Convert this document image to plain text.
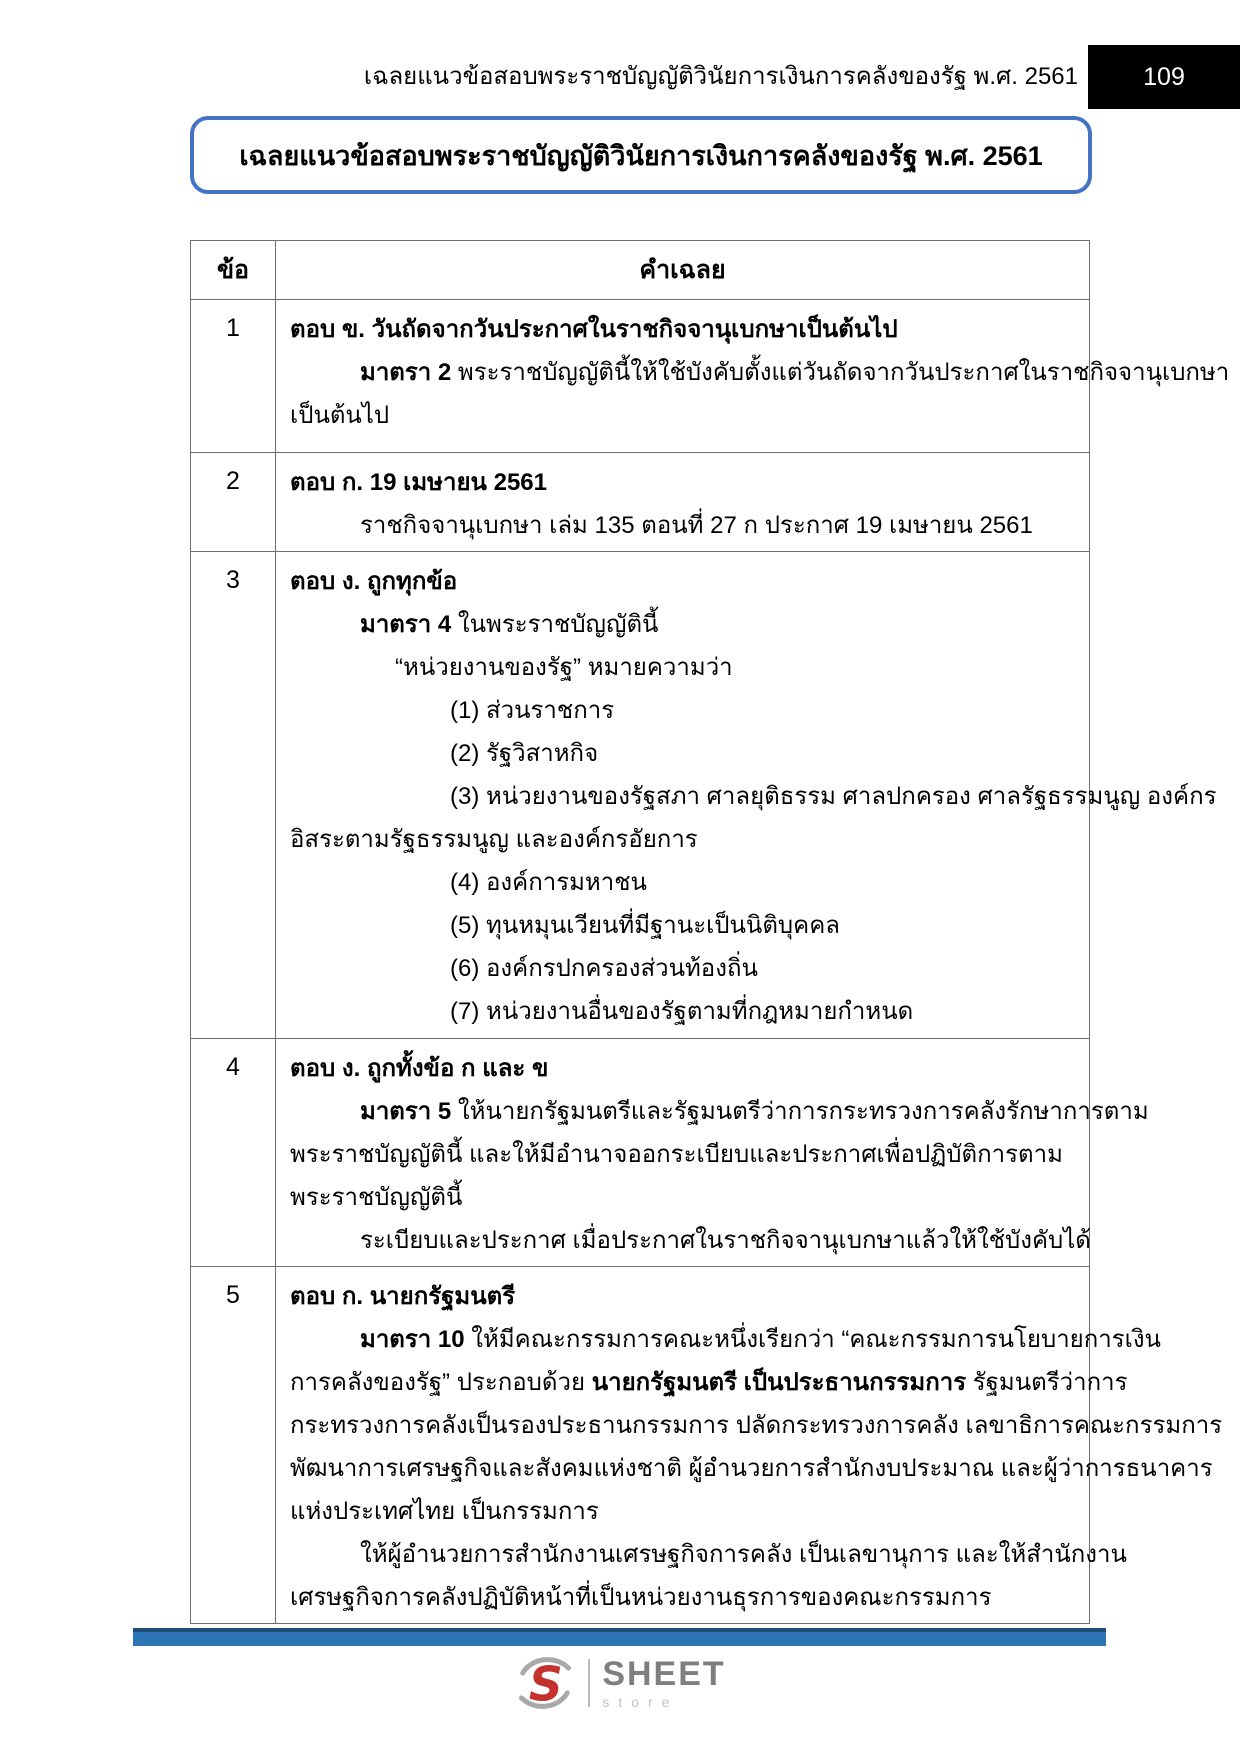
เฉลยแนวข้อสอบพระราชบัญญัติวินัยการเงินการคลังของรัฐ พ.ศ. 2561	109
เฉลยแนวข้อสอบพระราชบัญญัติวินัยการเงินการคลังของรัฐ พ.ศ. 2561
ข้อ	คำเฉลย
1	ตอบ ข. วันถัดจากวันประกาศในราชกิจจานุเบกษาเป็นต้นไป
มาตรา 2 พระราชบัญญัตินี้ให้ใช้บังคับตั้งแต่วันถัดจากวันประกาศในราชกิจจานุเบกษา
เป็นต้นไป

2	ตอบ ก. 19 เมษายน 2561
ราชกิจจานุเบกษา เล่ม 135 ตอนที่ 27 ก ประกาศ 19 เมษายน 2561

3	ตอบ ง. ถูกทุกข้อ
มาตรา 4 ในพระราชบัญญัตินี้
“หน่วยงานของรัฐ” หมายความว่า
(1) ส่วนราชการ
(2) รัฐวิสาหกิจ
(3) หน่วยงานของรัฐสภา ศาลยุติธรรม ศาลปกครอง ศาลรัฐธรรมนูญ องค์กร
อิสระตามรัฐธรรมนูญ และองค์กรอัยการ
(4) องค์การมหาชน
(5) ทุนหมุนเวียนที่มีฐานะเป็นนิติบุคคล
(6) องค์กรปกครองส่วนท้องถิ่น
(7) หน่วยงานอื่นของรัฐตามที่กฎหมายกำหนด

4	ตอบ ง. ถูกทั้งข้อ ก และ ข
มาตรา 5 ให้นายกรัฐมนตรีและรัฐมนตรีว่าการกระทรวงการคลังรักษาการตาม
พระราชบัญญัตินี้ และให้มีอำนาจออกระเบียบและประกาศเพื่อปฏิบัติการตาม
พระราชบัญญัตินี้
ระเบียบและประกาศ เมื่อประกาศในราชกิจจานุเบกษาแล้วให้ใช้บังคับได้

5	ตอบ ก. นายกรัฐมนตรี
มาตรา 10 ให้มีคณะกรรมการคณะหนึ่งเรียกว่า “คณะกรรมการนโยบายการเงิน
การคลังของรัฐ” ประกอบด้วย นายกรัฐมนตรี เป็นประธานกรรมการ รัฐมนตรีว่าการ
กระทรวงการคลังเป็นรองประธานกรรมการ ปลัดกระทรวงการคลัง เลขาธิการคณะกรรมการ
พัฒนาการเศรษฐกิจและสังคมแห่งชาติ ผู้อำนวยการสำนักงบประมาณ และผู้ว่าการธนาคาร
แห่งประเทศไทย เป็นกรรมการ
ให้ผู้อำนวยการสำนักงานเศรษฐกิจการคลัง เป็นเลขานุการ และให้สำนักงาน
เศรษฐกิจการคลังปฏิบัติหน้าที่เป็นหน่วยงานธุรการของคณะกรรมการ
S SHEET
store
